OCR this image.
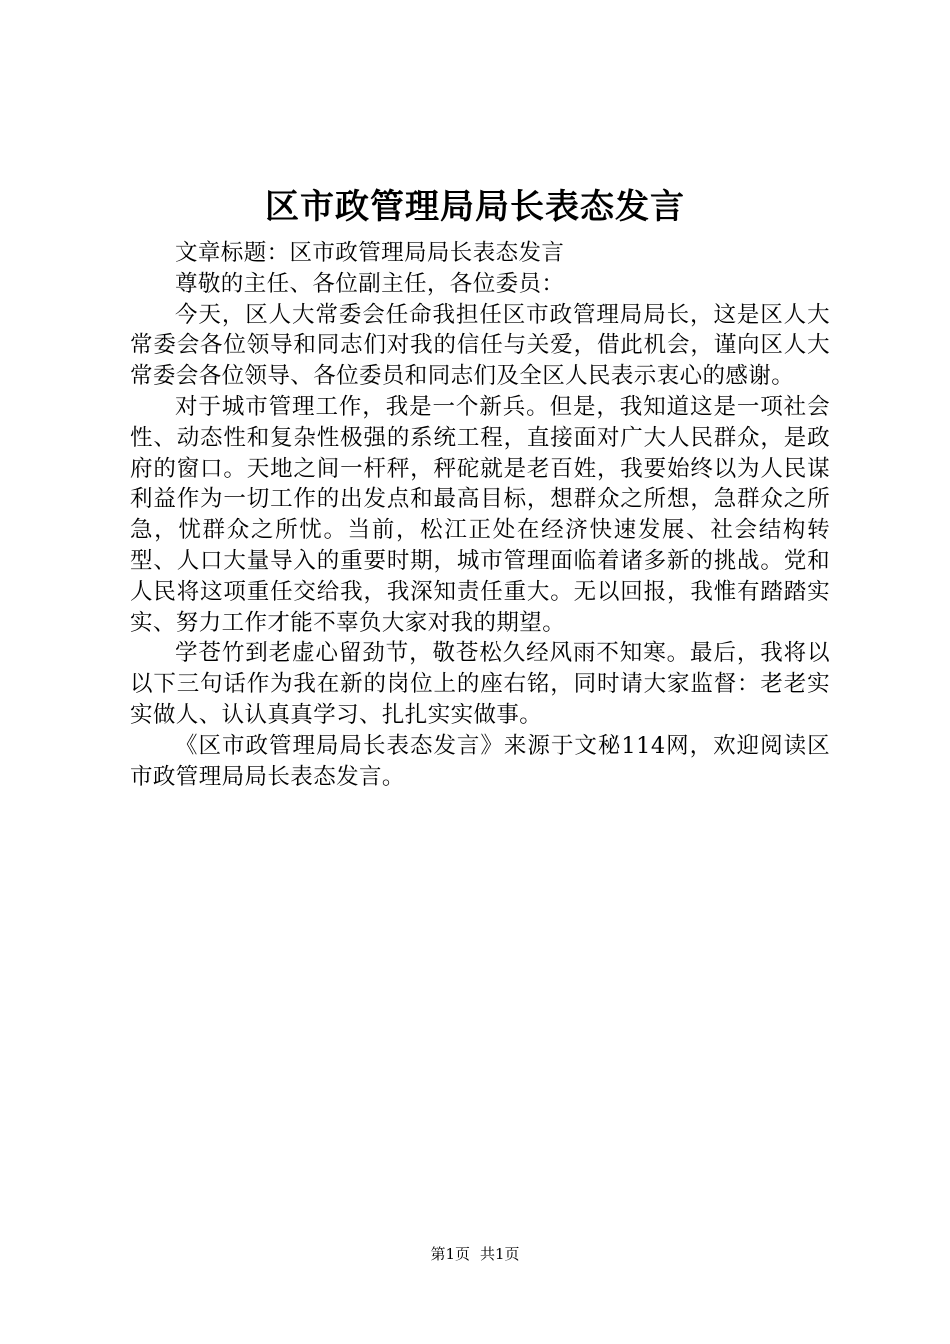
区市政管理局局长表态发言

文章标题：区市政管理局局长表态发言

尊敬的主任、各位副主任，各位委员：

今天，区人大常委会任命我担任区市政管理局局长，这是区人大常委会各位领导和同志们对我的信任与关爱，借此机会，谨向区人大常委会各位领导、各位委员和同志们及全区人民表示衷心的感谢。

对于城市管理工作，我是一个新兵。但是，我知道这是一项社会性、动态性和复杂性极强的系统工程，直接面对广大人民群众，是政府的窗口。天地之间一杆秤，秤砣就是老百姓，我要始终以为人民谋利益作为一切工作的出发点和最高目标，想群众之所想，急群众之所急，忧群众之所忧。当前，松江正处在经济快速发展、社会结构转型、人口大量导入的重要时期，城市管理面临着诸多新的挑战。党和人民将这项重任交给我，我深知责任重大。无以回报，我惟有踏踏实实、努力工作才能不辜负大家对我的期望。

学苍竹到老虚心留劲节，敬苍松久经风雨不知寒。最后，我将以以下三句话作为我在新的岗位上的座右铭，同时请大家监督：老老实实做人、认认真真学习、扎扎实实做事。

《区市政管理局局长表态发言》来源于文秘114网，欢迎阅读区市政管理局局长表态发言。

第1页 共1页
